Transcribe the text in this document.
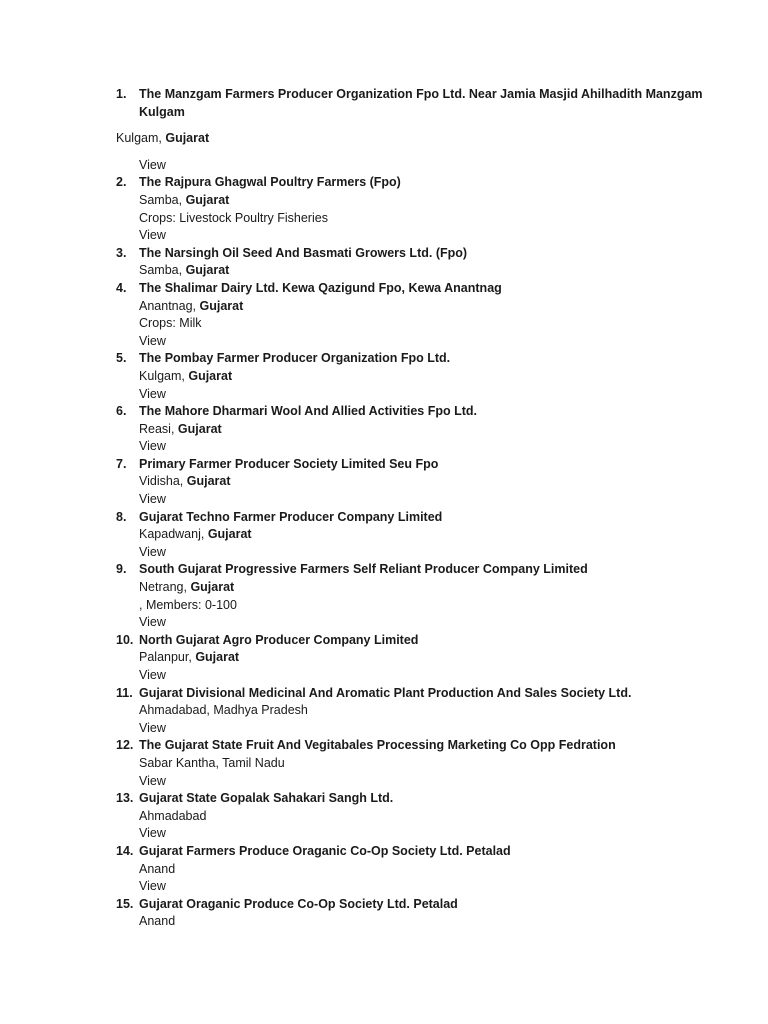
1. The Manzgam Farmers Producer Organization Fpo Ltd. Near Jamia Masjid Ahilhadith Manzgam Kulgam
Kulgam, Gujarat
View
2. The Rajpura Ghagwal Poultry Farmers (Fpo)
Samba, Gujarat
Crops: Livestock Poultry Fisheries
View
3. The Narsingh Oil Seed And Basmati Growers Ltd. (Fpo)
Samba, Gujarat
4. The Shalimar Dairy Ltd. Kewa Qazigund Fpo, Kewa Anantnag
Anantnag, Gujarat
Crops: Milk
View
5. The Pombay Farmer Producer Organization Fpo Ltd.
Kulgam, Gujarat
View
6. The Mahore Dharmari Wool And Allied Activities Fpo Ltd.
Reasi, Gujarat
View
7. Primary Farmer Producer Society Limited Seu Fpo
Vidisha, Gujarat
View
8. Gujarat Techno Farmer Producer Company Limited
Kapadwanj, Gujarat
View
9. South Gujarat Progressive Farmers Self Reliant Producer Company Limited
Netrang, Gujarat
, Members: 0-100
View
10. North Gujarat Agro Producer Company Limited
Palanpur, Gujarat
View
11. Gujarat Divisional Medicinal And Aromatic Plant Production And Sales Society Ltd.
Ahmadabad, Madhya Pradesh
View
12. The Gujarat State Fruit And Vegitabales Processing Marketing Co Opp Fedration
Sabar Kantha, Tamil Nadu
View
13. Gujarat State Gopalak Sahakari Sangh Ltd.
Ahmadabad
View
14. Gujarat Farmers Produce Oraganic Co-Op Society Ltd. Petalad
Anand
View
15. Gujarat Oraganic Produce Co-Op Society Ltd. Petalad
Anand
